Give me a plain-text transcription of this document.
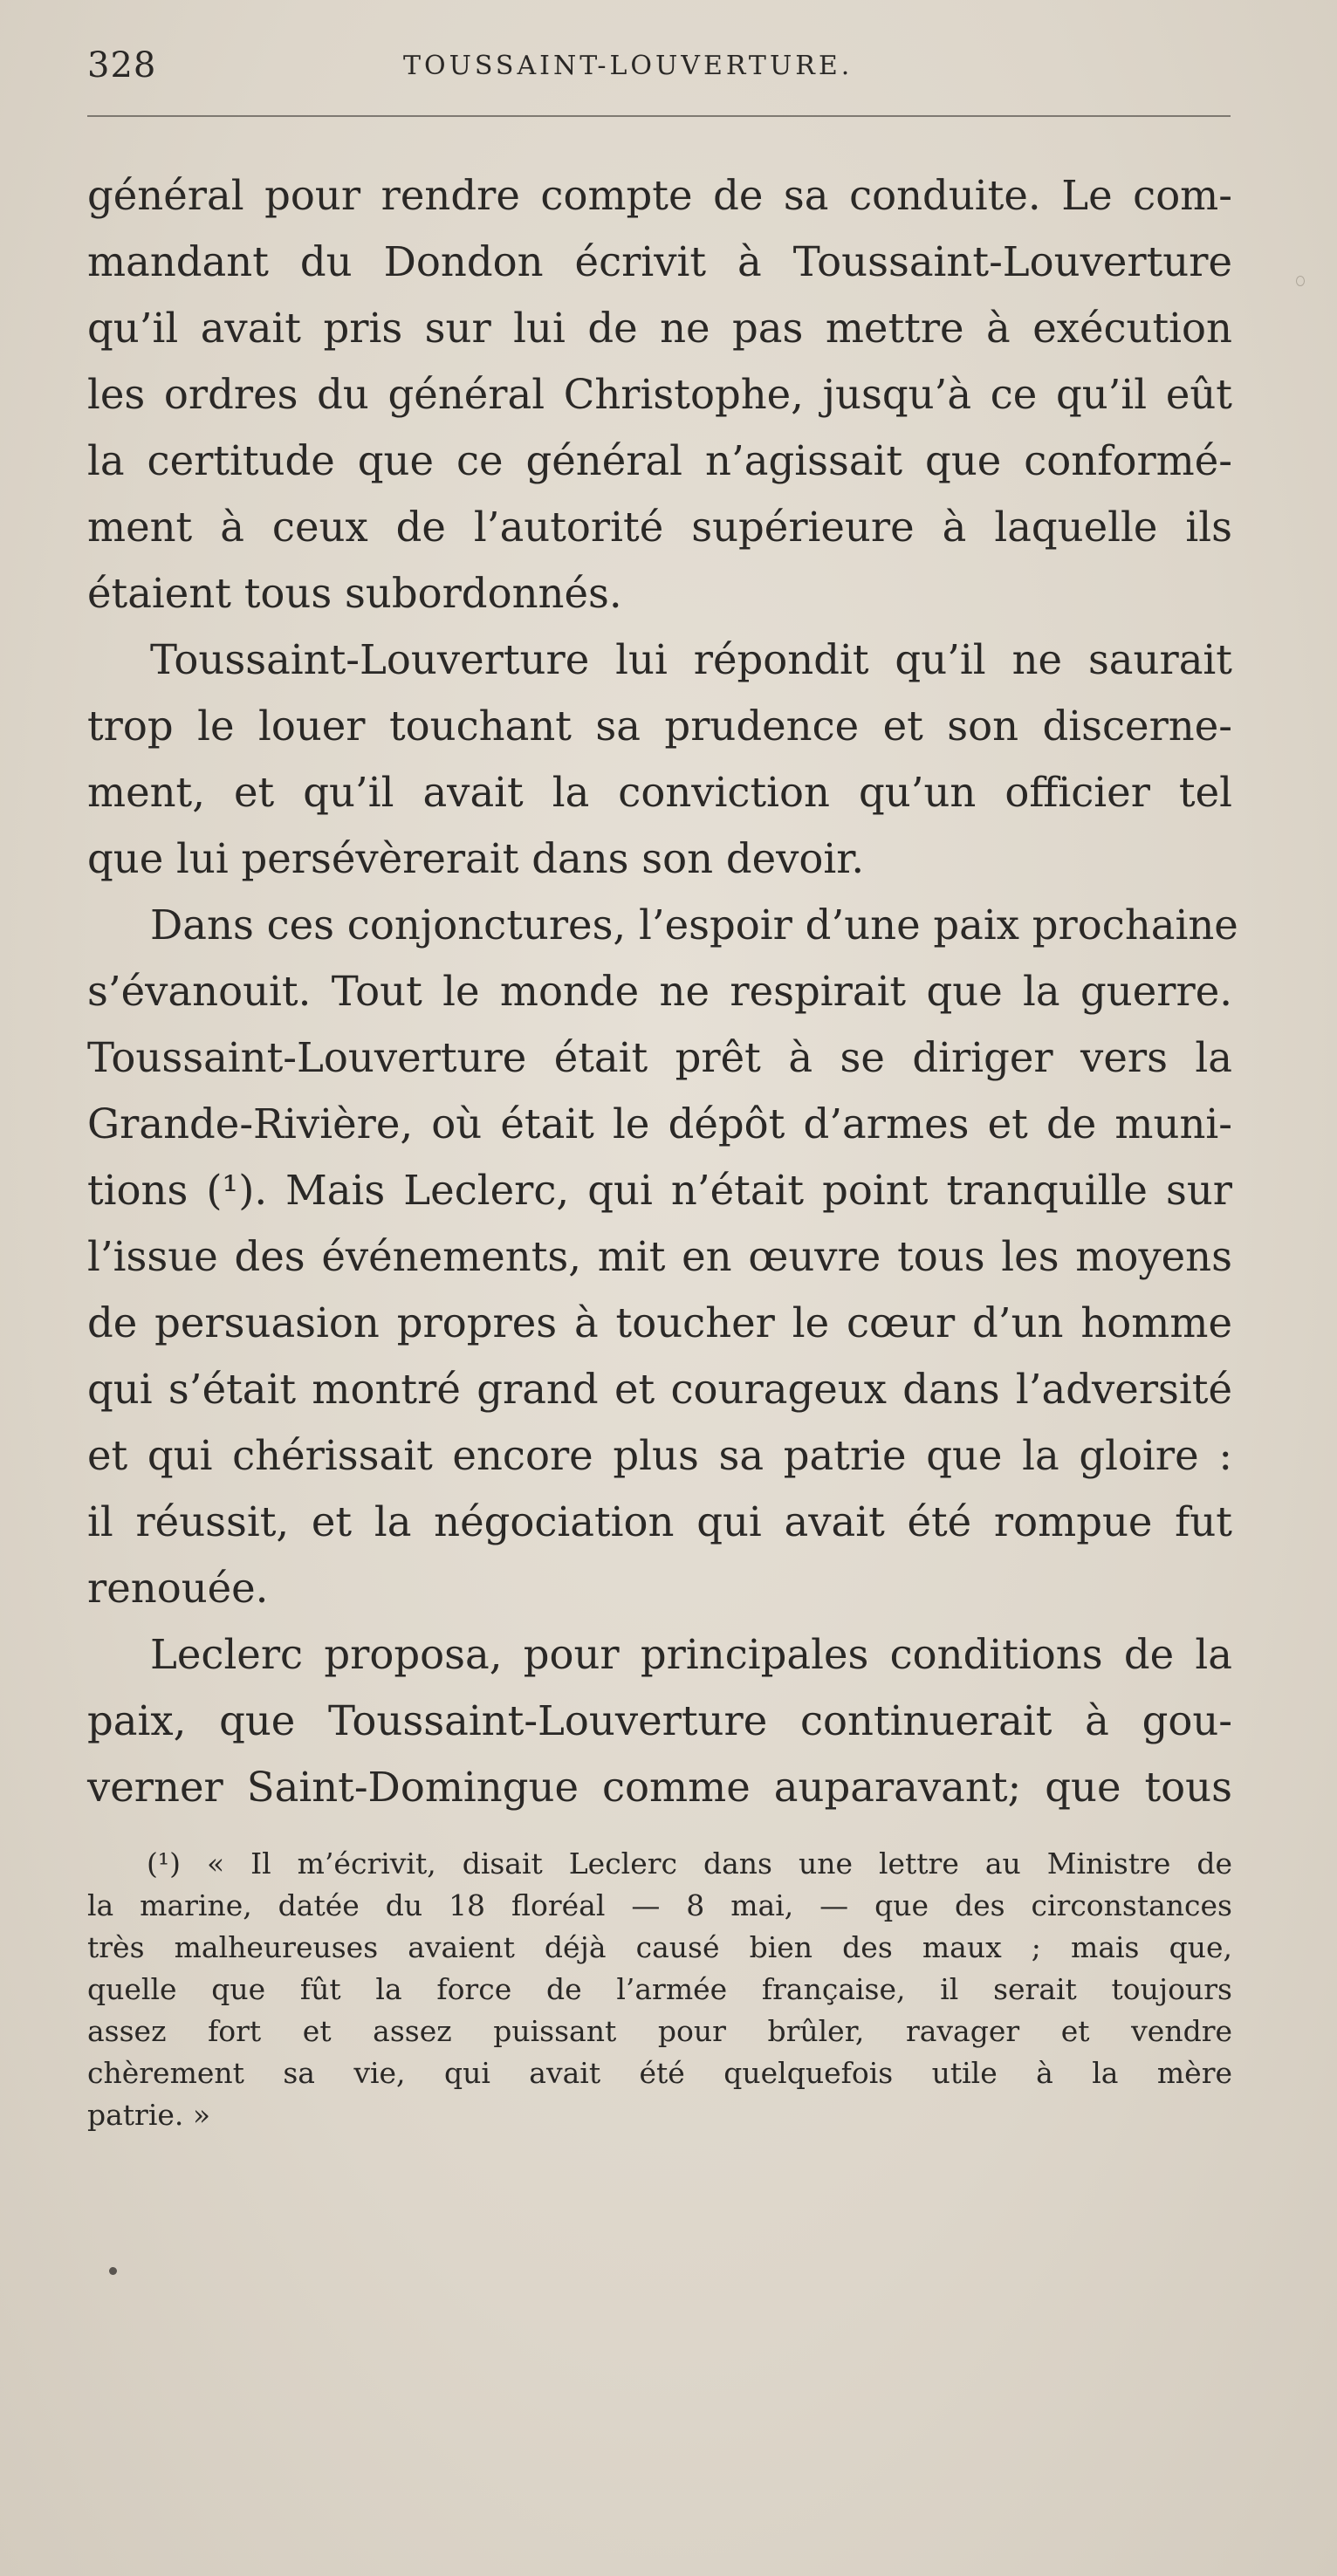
328	TOUSSAINT-LOUVERTURE.
général pour rendre compte de sa conduite. Le com-
mandant du Dondon écrivit à Toussaint-Louverture
qu’il avait pris sur lui de ne pas mettre à exécution
les ordres du général Christophe, jusqu’à ce qu’il eût
la certitude que ce général n’agissait que conformé-
ment à ceux de l’autorité supérieure à laquelle ils
étaient tous subordonnés.
Toussaint-Louverture lui répondit qu’il ne saurait
trop le louer touchant sa prudence et son discerne-
ment, et qu’il avait la conviction qu’un officier tel
que lui persévèrerait dans son devoir.
Dans ces conjonctures, l’espoir d’une paix prochaine
s’évanouit. Tout le monde ne respirait que la guerre.
Toussaint-Louverture était prêt à se diriger vers la
Grande-Rivière, où était le dépôt d’armes et de muni-
tions (¹). Mais Leclerc, qui n’était point tranquille sur
l’issue des événements, mit en œuvre tous les moyens
de persuasion propres à toucher le cœur d’un homme
qui s’était montré grand et courageux dans l’adversité
et qui chérissait encore plus sa patrie que la gloire :
il réussit, et la négociation qui avait été rompue fut
renouée.
Leclerc proposa, pour principales conditions de la
paix, que Toussaint-Louverture continuerait à gou-
verner Saint-Domingue comme auparavant; que tous
(¹) « Il m’écrivit, disait Leclerc dans une lettre au Ministre de
la marine, datée du 18 floréal — 8 mai, — que des circonstances
très malheureuses avaient déjà causé bien des maux ; mais que,
quelle que fût la force de l’armée française, il serait toujours
assez fort et assez puissant pour brûler, ravager et vendre
chèrement sa vie, qui avait été quelquefois utile à la mère
patrie. »
